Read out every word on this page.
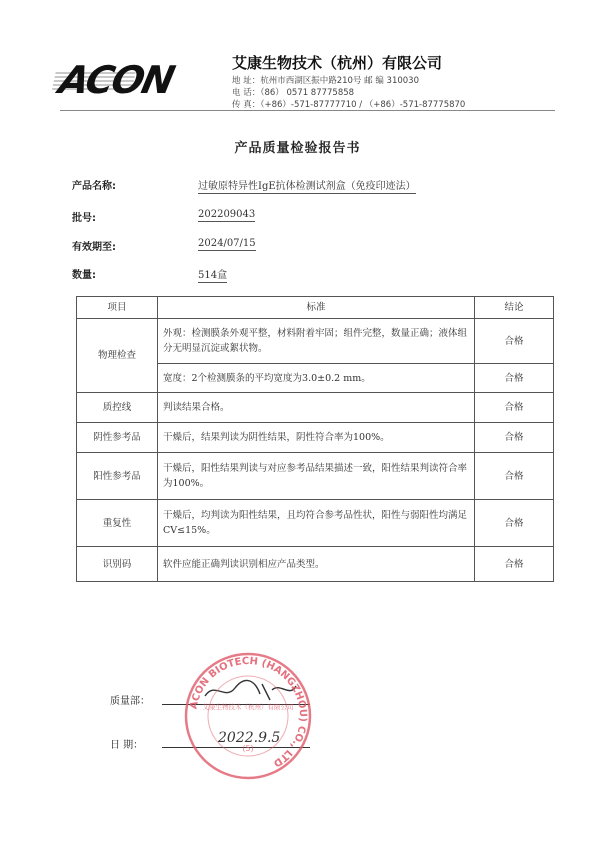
ACON	艾康生物技术（杭州）有限公司
地 址：杭州市西湖区振中路210号 邮 编 310030
电 话：（86） 0571 87775858
传 真：（+86）-571-87777710 / （+86）-571-87775870
产品质量检验报告书
产品名称:	过敏原特异性IgE抗体检测试剂盒（免疫印迹法）
批号:	202209043
有效期至:	2024/07/15
数量:	514盒
项目	标准	结论
物理检查	外观：检测膜条外观平整，材料附着牢固；组件完整，数量正确；液体组分无明显沉淀或絮状物。	合格
	宽度：2个检测膜条的平均宽度为3.0±0.2 mm。	合格
质控线	判读结果合格。	合格
阴性参考品	干燥后，结果判读为阴性结果，阴性符合率为100%。	合格
阳性参考品	干燥后，阳性结果判读与对应参考品结果描述一致，阳性结果判读符合率为100%。	合格
重复性	干燥后，均判读为阳性结果，且均符合参考品性状，阳性与弱阳性均满足CV≤15%。	合格
识别码	软件应能正确判读识别相应产品类型。	合格
质量部：
日 期：	2022.9.5
ACON BIOTECH (HANGZHOU) CO., LTD
艾康生物技术（杭州）有限公司
(5)
